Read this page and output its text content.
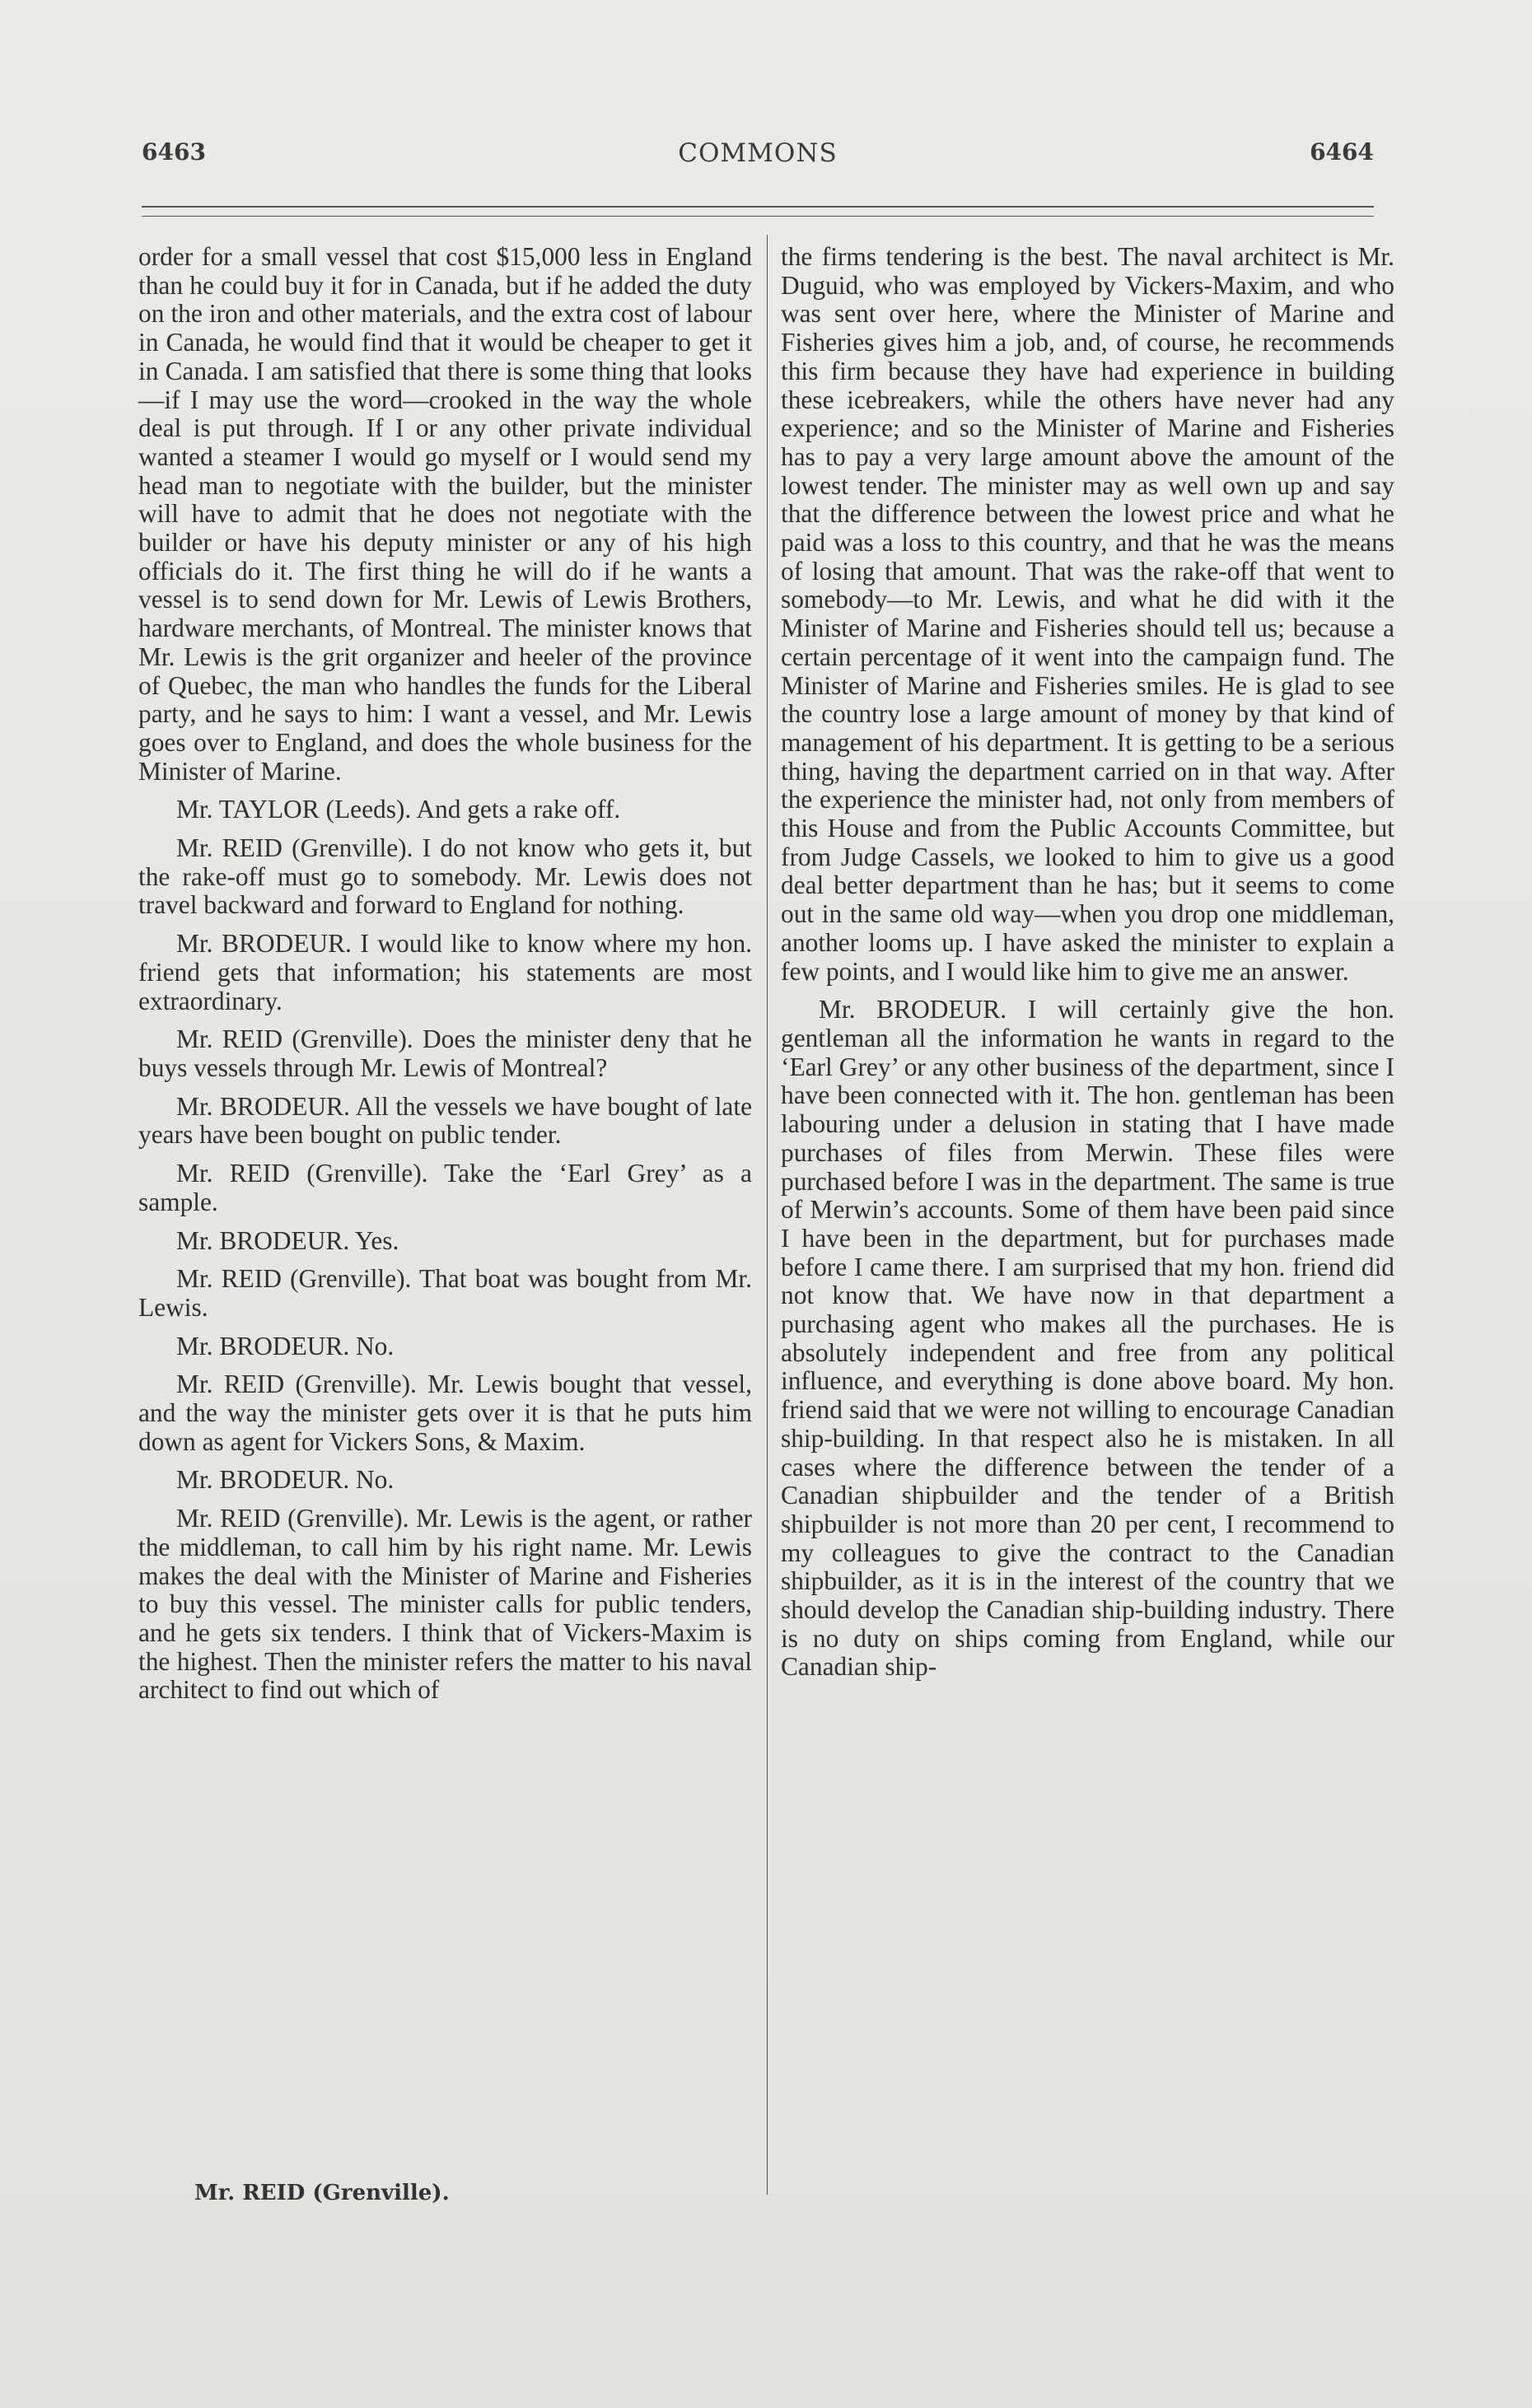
6463	COMMONS	6464

order for a small vessel that cost $15,000 less in England than he could buy it for in Canada, but if he added the duty on the iron and other materials, and the extra cost of labour in Canada, he would find that it would be cheaper to get it in Canada. I am satisfied that there is some thing that looks—if I may use the word—crooked in the way the whole deal is put through. If I or any other private individual wanted a steamer I would go myself or I would send my head man to negotiate with the builder, but the minister will have to admit that he does not negotiate with the builder or have his deputy minister or any of his high officials do it. The first thing he will do if he wants a vessel is to send down for Mr. Lewis of Lewis Brothers, hardware merchants, of Montreal. The minister knows that Mr. Lewis is the grit organizer and heeler of the province of Quebec, the man who handles the funds for the Liberal party, and he says to him: I want a vessel, and Mr. Lewis goes over to England, and does the whole business for the Minister of Marine.

Mr. TAYLOR (Leeds). And gets a rake off.

Mr. REID (Grenville). I do not know who gets it, but the rake-off must go to somebody. Mr. Lewis does not travel backward and forward to England for nothing.

Mr. BRODEUR. I would like to know where my hon. friend gets that information; his statements are most extraordinary.

Mr. REID (Grenville). Does the minister deny that he buys vessels through Mr. Lewis of Montreal?

Mr. BRODEUR. All the vessels we have bought of late years have been bought on public tender.

Mr. REID (Grenville). Take the ‘Earl Grey’ as a sample.

Mr. BRODEUR. Yes.

Mr. REID (Grenville). That boat was bought from Mr. Lewis.

Mr. BRODEUR. No.

Mr. REID (Grenville). Mr. Lewis bought that vessel, and the way the minister gets over it is that he puts him down as agent for Vickers Sons, & Maxim.

Mr. BRODEUR. No.

Mr. REID (Grenville). Mr. Lewis is the agent, or rather the middleman, to call him by his right name. Mr. Lewis makes the deal with the Minister of Marine and Fisheries to buy this vessel. The minister calls for public tenders, and he gets six tenders. I think that of Vickers-Maxim is the highest. Then the minister refers the matter to his naval architect to find out which of

the firms tendering is the best. The naval architect is Mr. Duguid, who was employed by Vickers-Maxim, and who was sent over here, where the Minister of Marine and Fisheries gives him a job, and, of course, he recommends this firm because they have had experience in building these icebreakers, while the others have never had any experience; and so the Minister of Marine and Fisheries has to pay a very large amount above the amount of the lowest tender. The minister may as well own up and say that the difference between the lowest price and what he paid was a loss to this country, and that he was the means of losing that amount. That was the rake-off that went to somebody—to Mr. Lewis, and what he did with it the Minister of Marine and Fisheries should tell us; because a certain percentage of it went into the campaign fund. The Minister of Marine and Fisheries smiles. He is glad to see the country lose a large amount of money by that kind of management of his department. It is getting to be a serious thing, having the department carried on in that way. After the experience the minister had, not only from members of this House and from the Public Accounts Committee, but from Judge Cassels, we looked to him to give us a good deal better department than he has; but it seems to come out in the same old way—when you drop one middleman, another looms up. I have asked the minister to explain a few points, and I would like him to give me an answer.

Mr. BRODEUR. I will certainly give the hon. gentleman all the information he wants in regard to the ‘Earl Grey’ or any other business of the department, since I have been connected with it. The hon. gentleman has been labouring under a delusion in stating that I have made purchases of files from Merwin. These files were purchased before I was in the department. The same is true of Merwin’s accounts. Some of them have been paid since I have been in the department, but for purchases made before I came there. I am surprised that my hon. friend did not know that. We have now in that department a purchasing agent who makes all the purchases. He is absolutely independent and free from any political influence, and everything is done above board. My hon. friend said that we were not willing to encourage Canadian ship-building. In that respect also he is mistaken. In all cases where the difference between the tender of a Canadian shipbuilder and the tender of a British shipbuilder is not more than 20 per cent, I recommend to my colleagues to give the contract to the Canadian shipbuilder, as it is in the interest of the country that we should develop the Canadian ship-building industry. There is no duty on ships coming from England, while our Canadian ship-

Mr. REID (Grenville).
